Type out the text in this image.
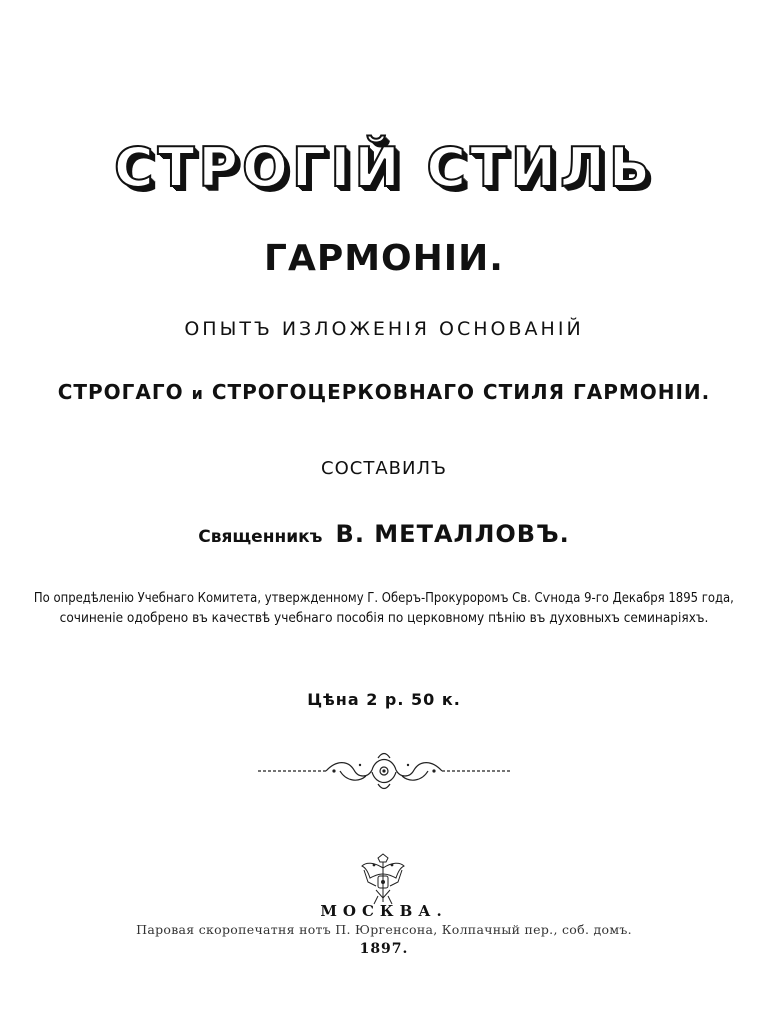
СТРОГІЙ СТИЛЬ
ГАРМОНІИ.
ОПЫТЪ ИЗЛОЖЕНІЯ ОСНОВАНІЙ
СТРОГАГО и СТРОГОЦЕРКОВНАГО СТИЛЯ ГАРМОНІИ.
СОСТАВИЛЪ
Священникъ В. МЕТАЛЛОВЪ.
По опредѣленію Учебнаго Комитета, утвержденному Г. Оберъ-Прокуроромъ Св. Сѵнода 9-го Декабря 1895 года,
сочиненіе одобрено въ качествѣ учебнаго пособія по церковному пѣнію въ духовныхъ семинаріяхъ.
Цѣна 2 р. 50 к.
МОСКВА.
Паровая скоропечатня нотъ П. Юргенсона, Колпачный пер., соб. домъ.
1897.
